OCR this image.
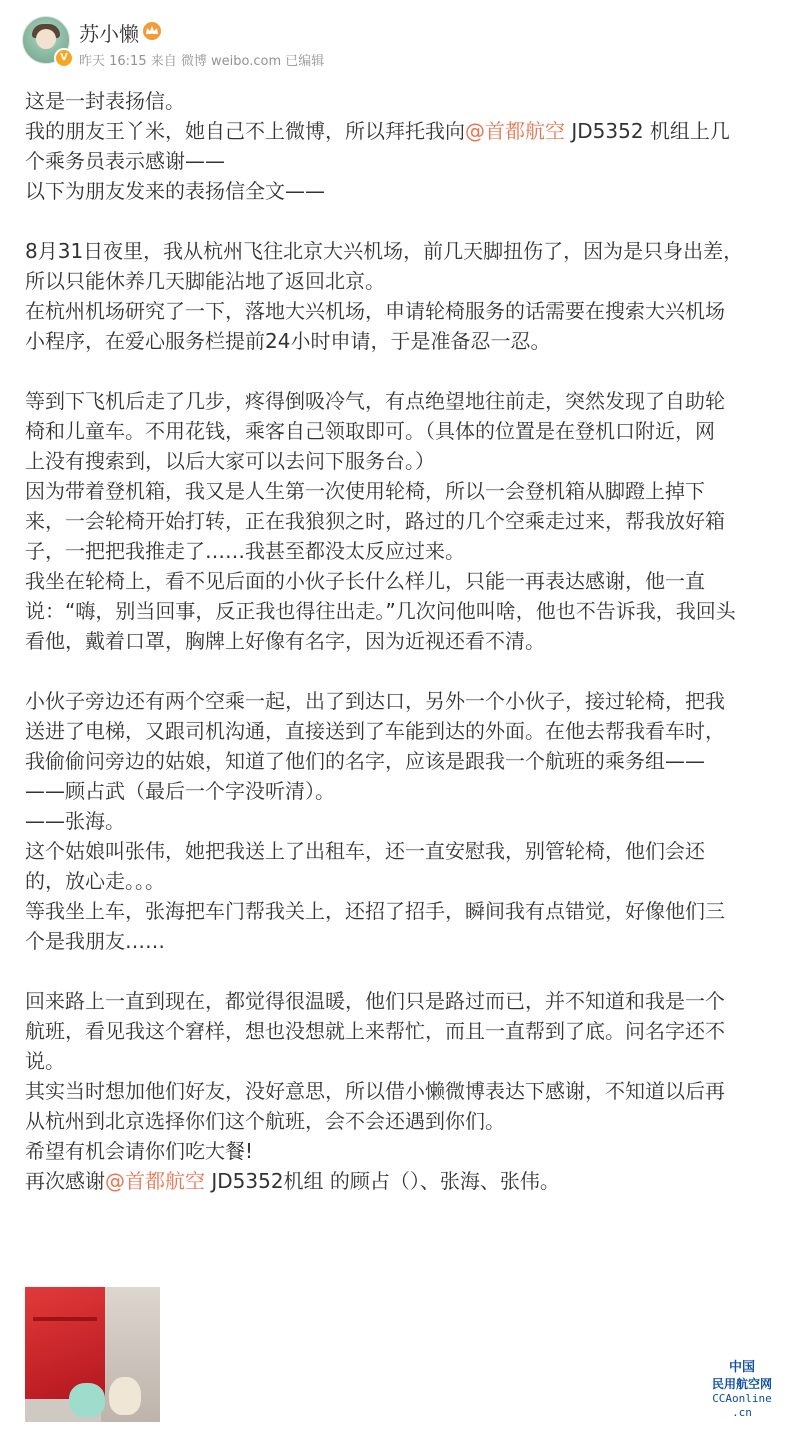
V
苏小懒
昨天 16:15 来自 微博 weibo.com 已编辑

这是一封表扬信。

我的朋友王丫米，她自己不上微博，所以拜托我向@首都航空 JD5352 机组上几

个乘务员表示感谢——

以下为朋友发来的表扬信全文——

8月31日夜里，我从杭州飞往北京大兴机场，前几天脚扭伤了，因为是只身出差，

所以只能休养几天脚能沾地了返回北京。

在杭州机场研究了一下，落地大兴机场，申请轮椅服务的话需要在搜索大兴机场

小程序，在爱心服务栏提前24小时申请，于是准备忍一忍。

等到下飞机后走了几步，疼得倒吸冷气，有点绝望地往前走，突然发现了自助轮

椅和儿童车。不用花钱，乘客自己领取即可。（具体的位置是在登机口附近，网

上没有搜索到，以后大家可以去问下服务台。）

因为带着登机箱，我又是人生第一次使用轮椅，所以一会登机箱从脚蹬上掉下

来，一会轮椅开始打转，正在我狼狈之时，路过的几个空乘走过来，帮我放好箱

子，一把把我推走了……我甚至都没太反应过来。

我坐在轮椅上，看不见后面的小伙子长什么样儿，只能一再表达感谢，他一直

说：“嗨，别当回事，反正我也得往出走。”几次问他叫啥，他也不告诉我，我回头

看他，戴着口罩，胸牌上好像有名字，因为近视还看不清。

小伙子旁边还有两个空乘一起，出了到达口，另外一个小伙子，接过轮椅，把我

送进了电梯，又跟司机沟通，直接送到了车能到达的外面。在他去帮我看车时，

我偷偷问旁边的姑娘，知道了他们的名字，应该是跟我一个航班的乘务组——

——顾占武（最后一个字没听清）。

——张海。

这个姑娘叫张伟，她把我送上了出租车，还一直安慰我，别管轮椅，他们会还

的，放心走。。。

等我坐上车，张海把车门帮我关上，还招了招手，瞬间我有点错觉，好像他们三

个是我朋友……

回来路上一直到现在，都觉得很温暖，他们只是路过而已，并不知道和我是一个

航班，看见我这个窘样，想也没想就上来帮忙，而且一直帮到了底。问名字还不

说。

其实当时想加他们好友，没好意思，所以借小懒微博表达下感谢，不知道以后再

从杭州到北京选择你们这个航班，会不会还遇到你们。

希望有机会请你们吃大餐!

再次感谢@首都航空 JD5352机组 的顾占（）、张海、张伟。

中国
民用航空网
CCAonline
.cn
